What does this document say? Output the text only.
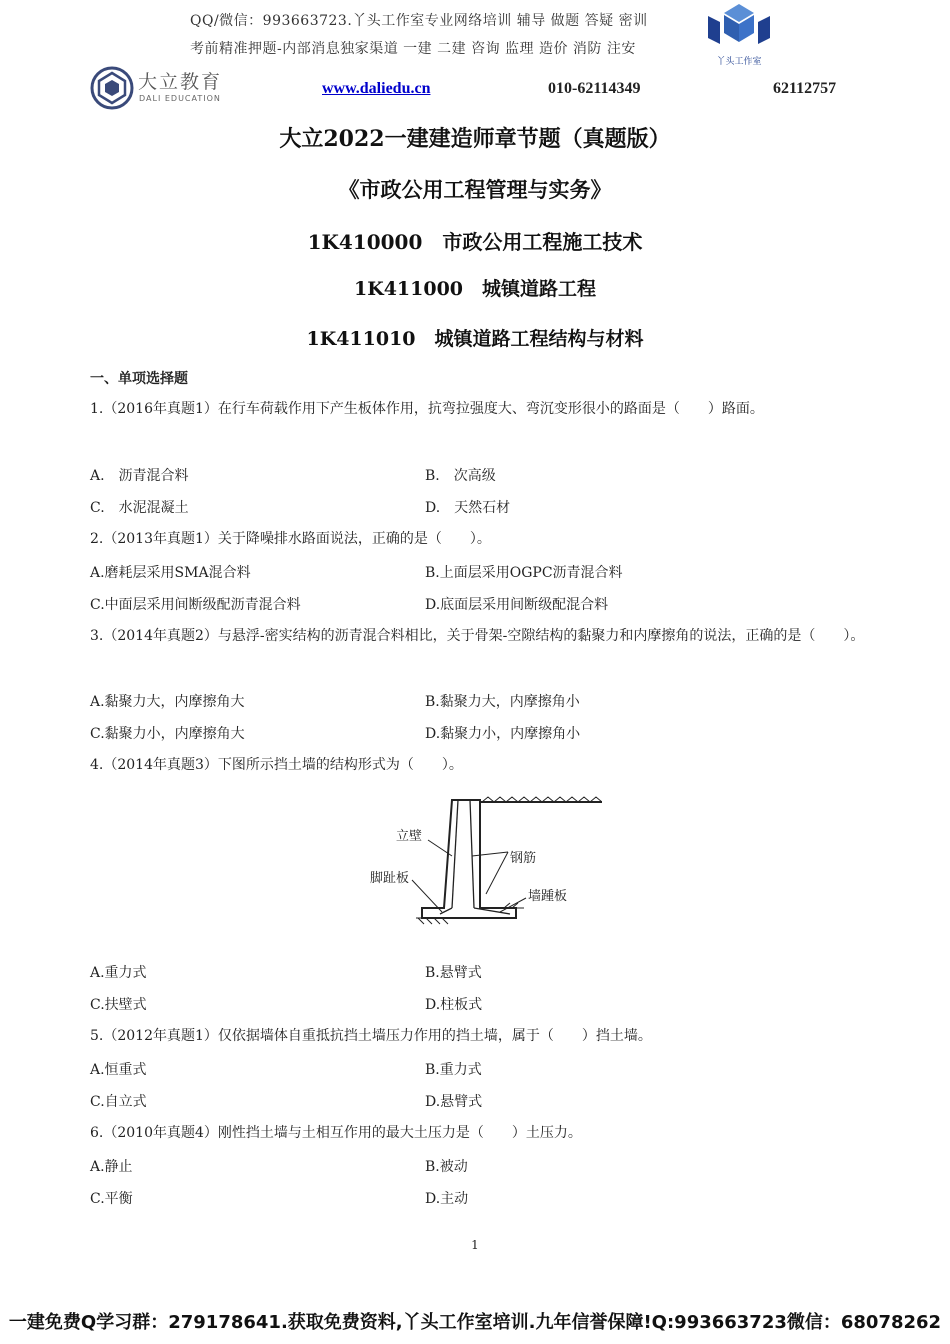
QQ/微信：993663723.丫头工作室专业网络培训 辅导 做题 答疑 密训
考前精准押题-内部消息独家渠道 一建 二建 咨询 监理 造价 消防 注安
丫头工作室
大立教育
DALI EDUCATION
www.daliedu.cn	010-62114349	62112757
大立2022一建建造师章节题（真题版）
《市政公用工程管理与实务》
1K410000　市政公用工程施工技术
1K411000　城镇道路工程
1K411010　城镇道路工程结构与材料
一、单项选择题
1.（2016年真题1）在行车荷载作用下产生板体作用，抗弯拉强度大、弯沉变形很小的路面是（　　）路面。
A.　沥青混合料	B.　次高级
C.　水泥混凝土	D.　天然石材
2.（2013年真题1）关于降噪排水路面说法，正确的是（　　）。
A.磨耗层采用SMA混合料	B.上面层采用OGPC沥青混合料
C.中面层采用间断级配沥青混合料	D.底面层采用间断级配混合料
3.（2014年真题2）与悬浮-密实结构的沥青混合料相比，关于骨架-空隙结构的黏聚力和内摩擦角的说法，正确的是（　　）。
A.黏聚力大，内摩擦角大	B.黏聚力大，内摩擦角小
C.黏聚力小，内摩擦角大	D.黏聚力小，内摩擦角小
4.（2014年真题3）下图所示挡土墙的结构形式为（　　）。
立壁
钢筋
脚趾板
墙踵板
A.重力式	B.悬臂式
C.扶壁式	D.柱板式
5.（2012年真题1）仅依据墙体自重抵抗挡土墙压力作用的挡土墙，属于（　　）挡土墙。
A.恒重式	B.重力式
C.自立式	D.悬臂式
6.（2010年真题4）刚性挡土墙与土相互作用的最大土压力是（　　）土压力。
A.静止	B.被动
C.平衡	D.主动
1
一建免费Q学习群：279178641.获取免费资料,丫头工作室培训.九年信誉保障!Q:993663723微信：68078262
